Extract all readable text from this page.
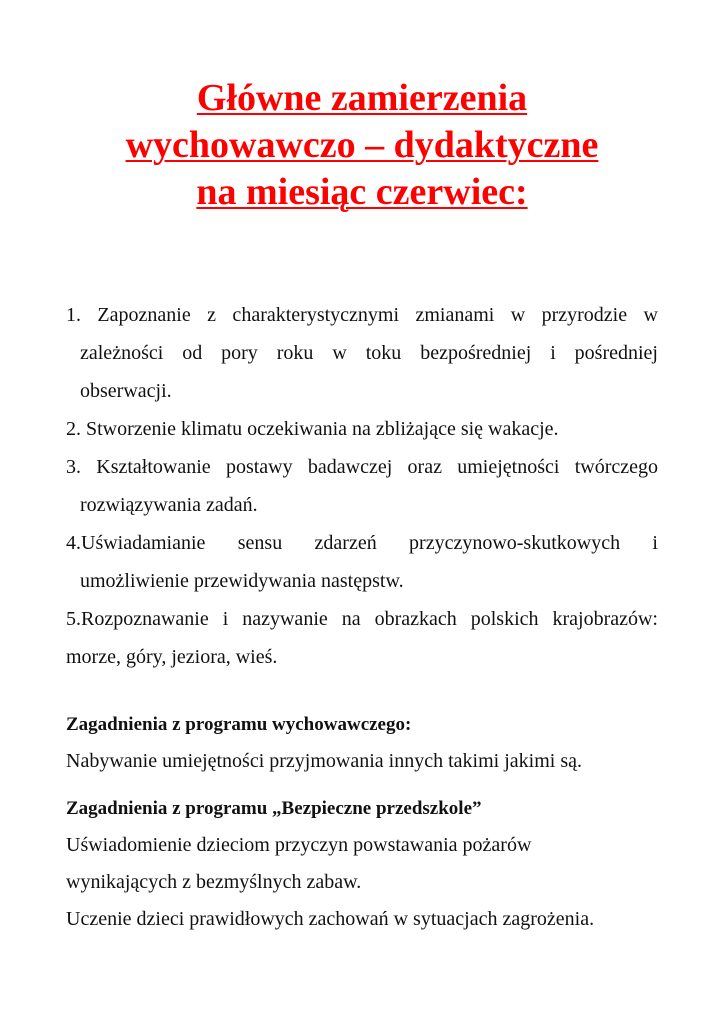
Główne zamierzenia
wychowawczo – dydaktyczne
na miesiąc czerwiec:

1. Zapoznanie z charakterystycznymi zmianami w przyrodzie w
zależności od pory roku w toku bezpośredniej i pośredniej
obserwacji.

2. Stworzenie klimatu oczekiwania na zbliżające się wakacje.

3. Kształtowanie postawy badawczej oraz umiejętności twórczego
rozwiązywania zadań.

4.Uświadamianie sensu zdarzeń przyczynowo-skutkowych i
umożliwienie przewidywania następstw.

5.Rozpoznawanie i nazywanie na obrazkach polskich krajobrazów:
morze, góry, jeziora, wieś.

Zagadnienia z programu wychowawczego:

Nabywanie umiejętności przyjmowania innych takimi jakimi są.

Zagadnienia z programu „Bezpieczne przedszkole”

Uświadomienie dzieciom przyczyn powstawania pożarów

wynikających z bezmyślnych zabaw.

Uczenie dzieci prawidłowych zachowań w sytuacjach zagrożenia.
